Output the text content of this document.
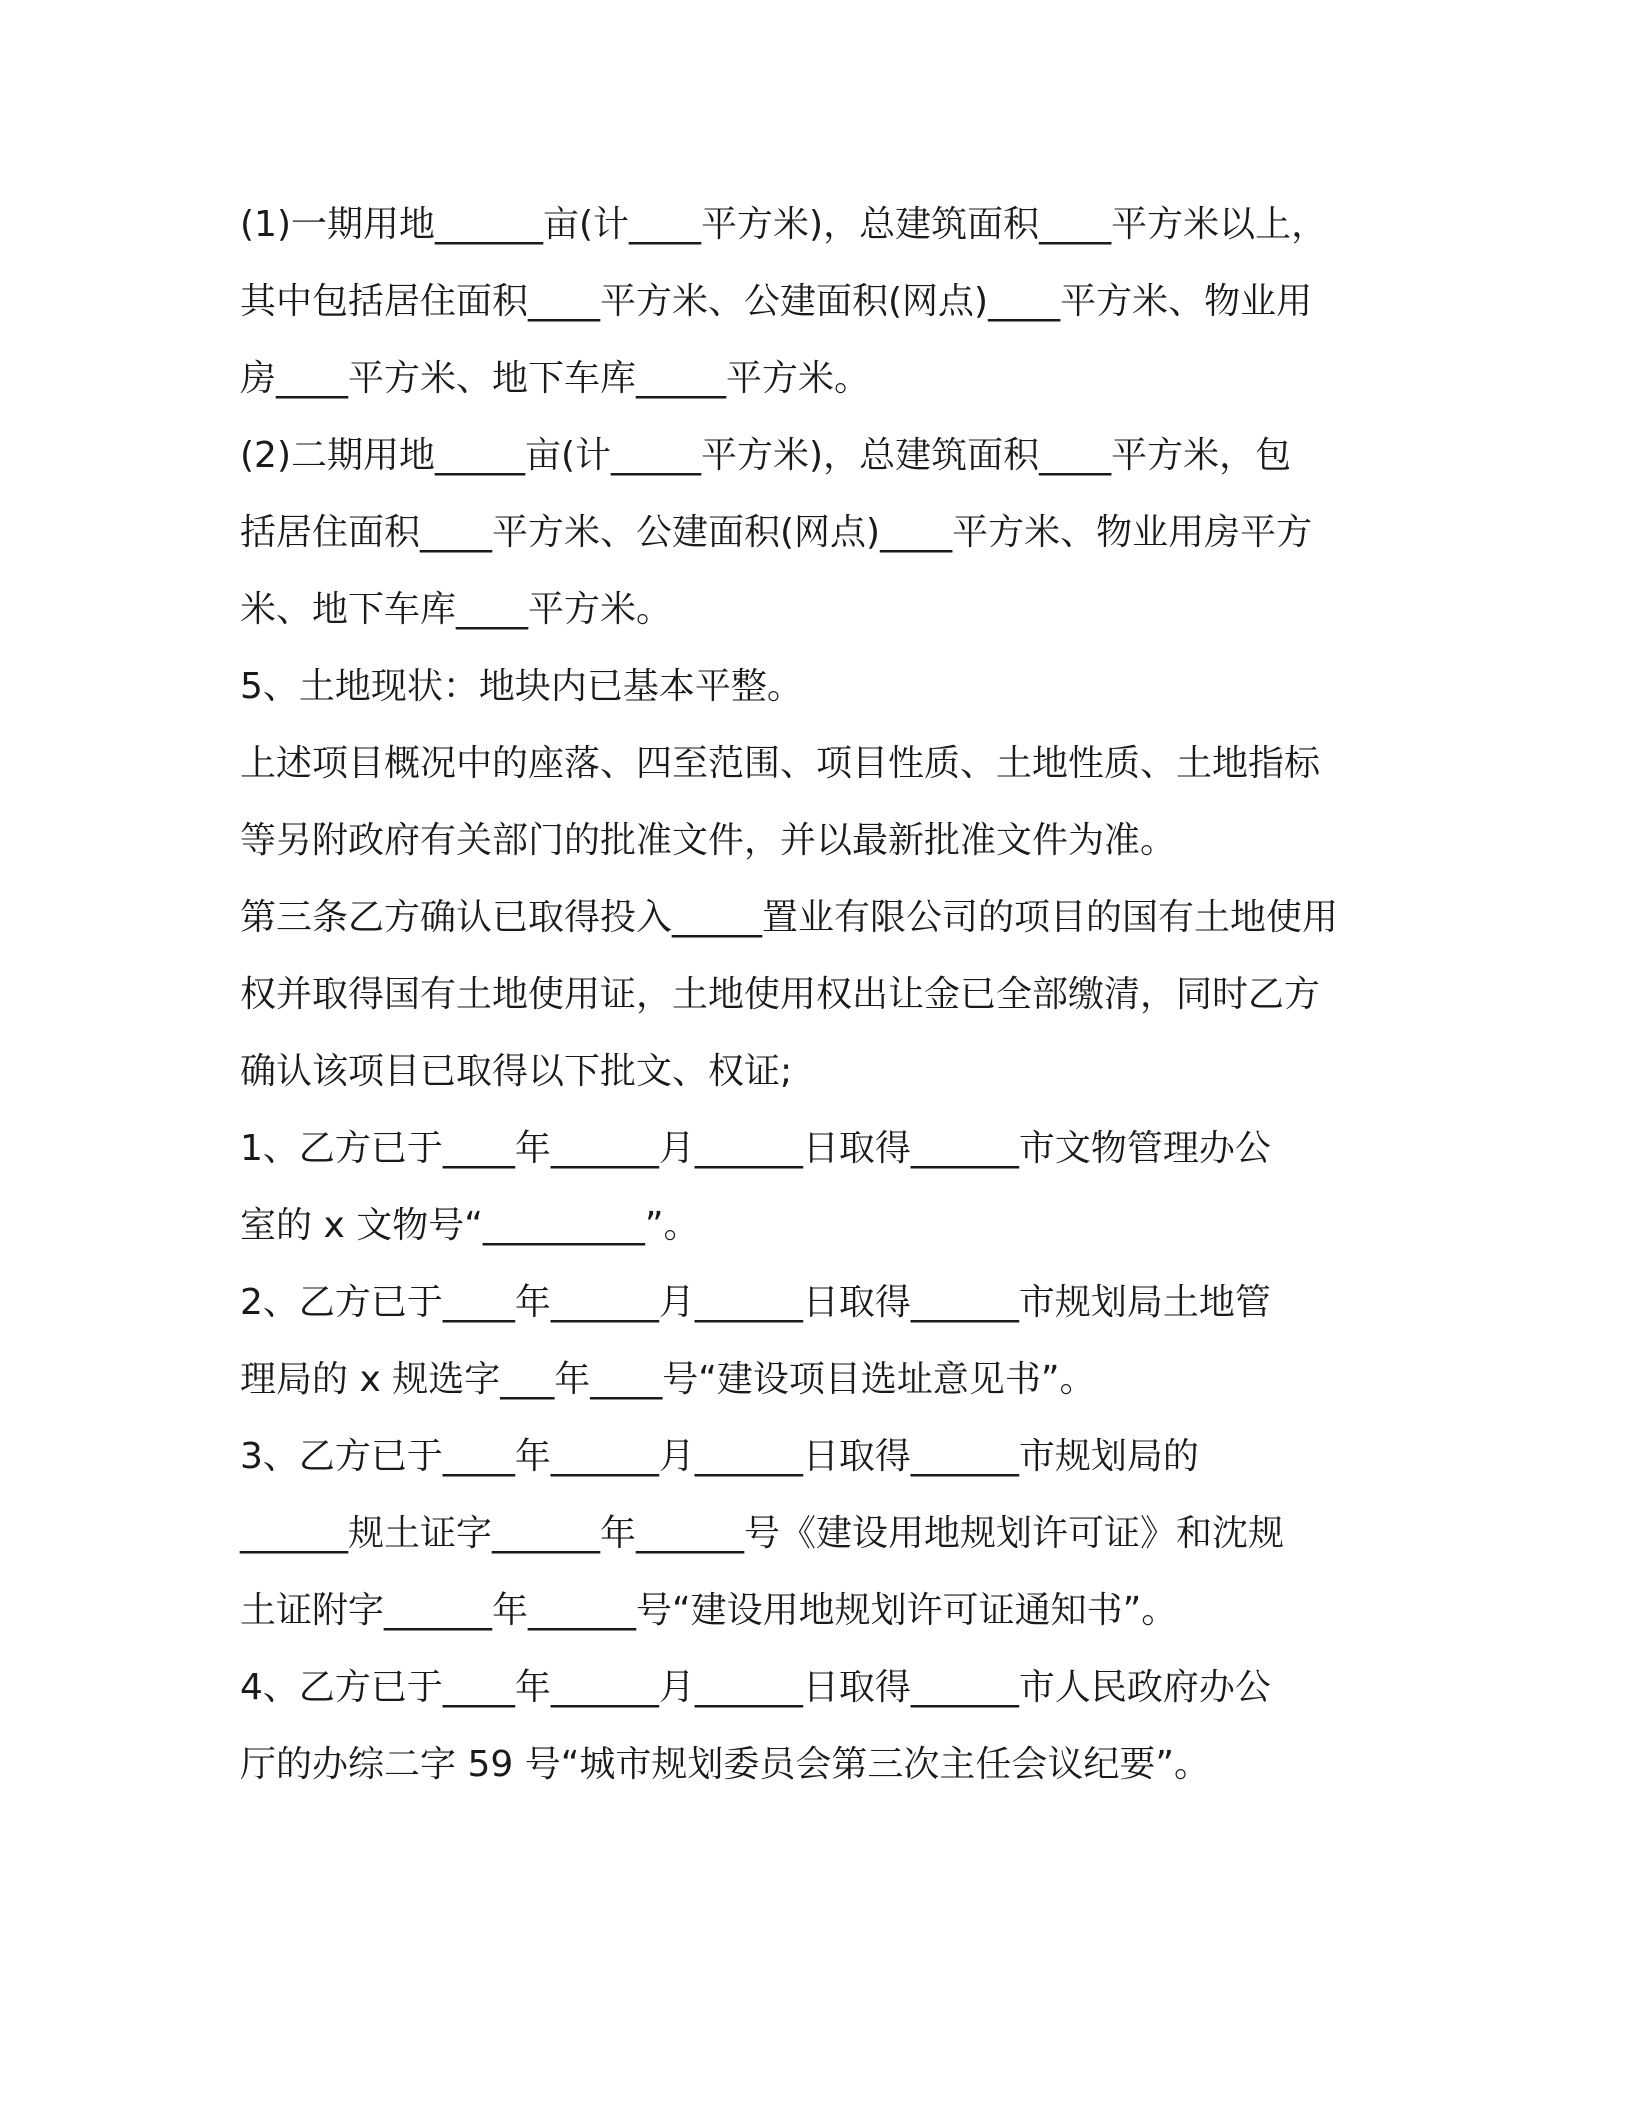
(1)一期用地______亩(计____平方米)，总建筑面积____平方米以上，
其中包括居住面积____平方米、公建面积(网点)____平方米、物业用
房____平方米、地下车库_____平方米。
(2)二期用地_____亩(计_____平方米)，总建筑面积____平方米，包
括居住面积____平方米、公建面积(网点)____平方米、物业用房平方
米、地下车库____平方米。
5、土地现状：地块内已基本平整。
上述项目概况中的座落、四至范围、项目性质、土地性质、土地指标
等另附政府有关部门的批准文件，并以最新批准文件为准。
第三条乙方确认已取得投入_____置业有限公司的项目的国有土地使用
权并取得国有土地使用证，土地使用权出让金已全部缴清，同时乙方
确认该项目已取得以下批文、权证;
1、乙方已于____年______月______日取得______市文物管理办公
室的 x 文物号“_________”。
2、乙方已于____年______月______日取得______市规划局土地管
理局的 x 规选字___年____号“建设项目选址意见书”。
3、乙方已于____年______月______日取得______市规划局的
______规土证字______年______号《建设用地规划许可证》和沈规
土证附字______年______号“建设用地规划许可证通知书”。
4、乙方已于____年______月______日取得______市人民政府办公
厅的办综二字 59 号“城市规划委员会第三次主任会议纪要”。
